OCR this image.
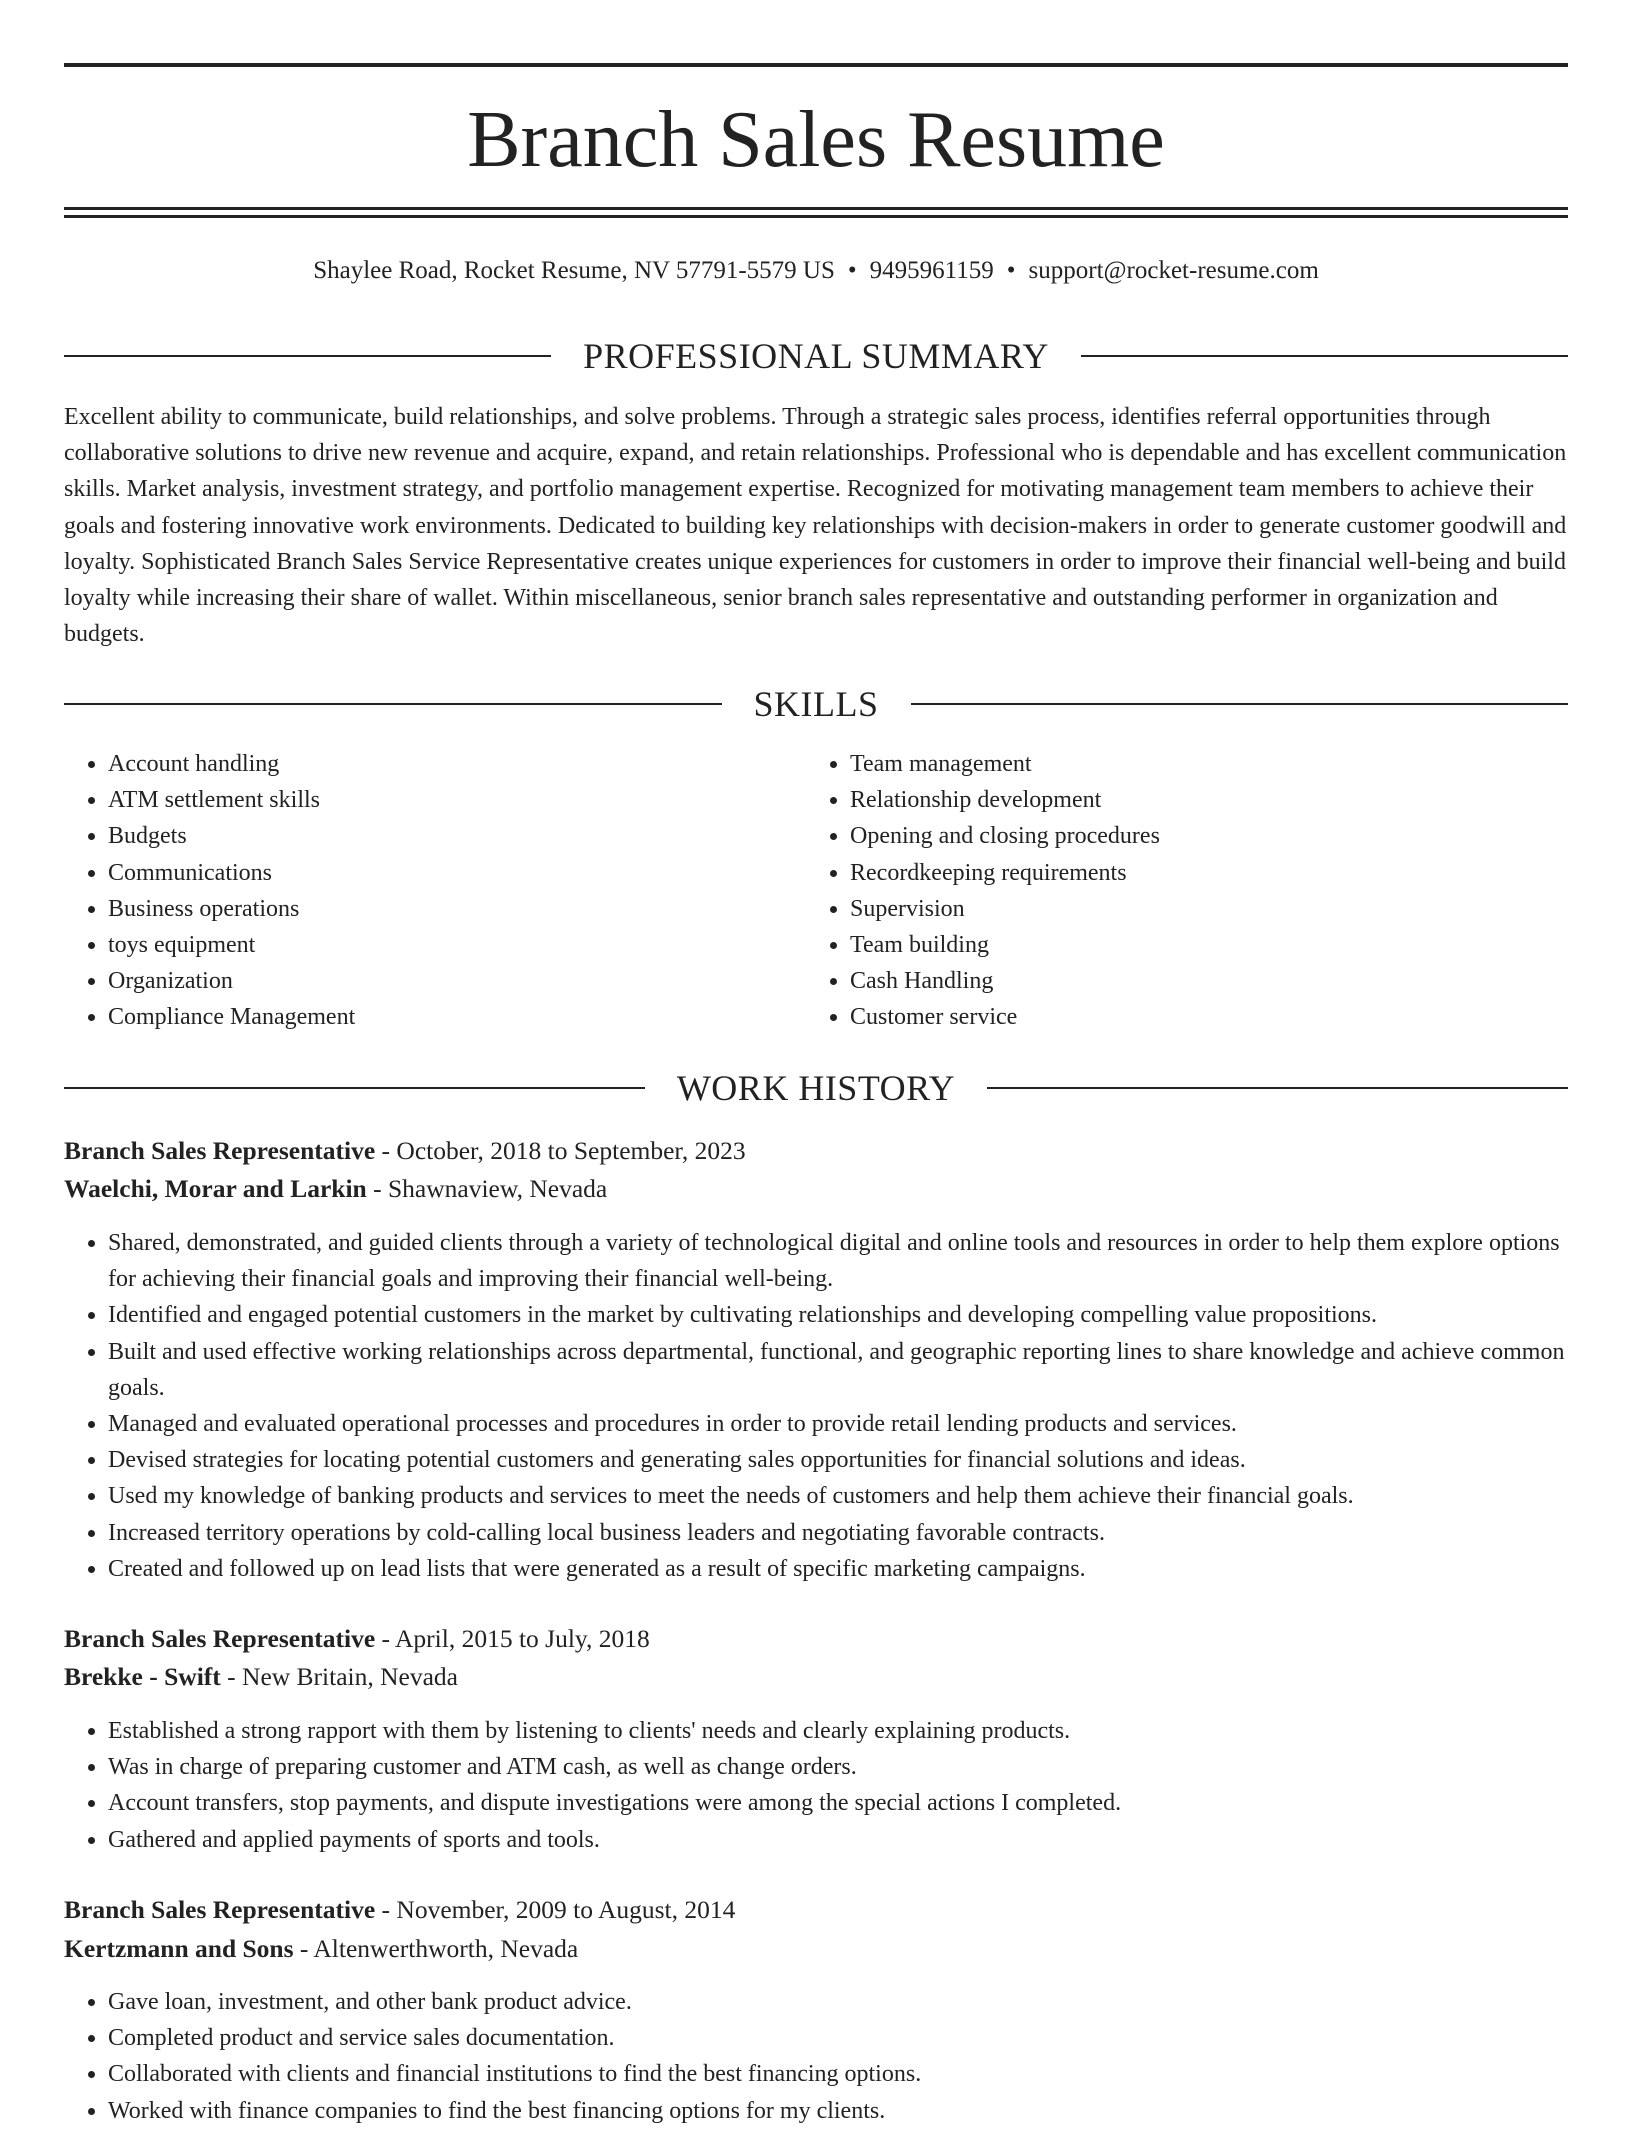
Branch Sales Resume
Shaylee Road, Rocket Resume, NV 57791-5579 US • 9495961159 • support@rocket-resume.com
PROFESSIONAL SUMMARY

Excellent ability to communicate, build relationships, and solve problems. Through a strategic sales process, identifies referral opportunities through collaborative solutions to drive new revenue and acquire, expand, and retain relationships. Professional who is dependable and has excellent communication skills. Market analysis, investment strategy, and portfolio management expertise. Recognized for motivating management team members to achieve their goals and fostering innovative work environments. Dedicated to building key relationships with decision-makers in order to generate customer goodwill and loyalty. Sophisticated Branch Sales Service Representative creates unique experiences for customers in order to improve their financial well-being and build loyalty while increasing their share of wallet. Within miscellaneous, senior branch sales representative and outstanding performer in organization and budgets.

SKILLS
• Account handling
• ATM settlement skills
• Budgets
• Communications
• Business operations
• toys equipment
• Organization
• Compliance Management
• Team management
• Relationship development
• Opening and closing procedures
• Recordkeeping requirements
• Supervision
• Team building
• Cash Handling
• Customer service
WORK HISTORY
Branch Sales Representative - October, 2018 to September, 2023
Waelchi, Morar and Larkin - Shawnaview, Nevada
• Shared, demonstrated, and guided clients through a variety of technological digital and online tools and resources in order to help them explore options for achieving their financial goals and improving their financial well-being.
• Identified and engaged potential customers in the market by cultivating relationships and developing compelling value propositions.
• Built and used effective working relationships across departmental, functional, and geographic reporting lines to share knowledge and achieve common goals.
• Managed and evaluated operational processes and procedures in order to provide retail lending products and services.
• Devised strategies for locating potential customers and generating sales opportunities for financial solutions and ideas.
• Used my knowledge of banking products and services to meet the needs of customers and help them achieve their financial goals.
• Increased territory operations by cold-calling local business leaders and negotiating favorable contracts.
• Created and followed up on lead lists that were generated as a result of specific marketing campaigns.
Branch Sales Representative - April, 2015 to July, 2018
Brekke - Swift - New Britain, Nevada
• Established a strong rapport with them by listening to clients' needs and clearly explaining products.
• Was in charge of preparing customer and ATM cash, as well as change orders.
• Account transfers, stop payments, and dispute investigations were among the special actions I completed.
• Gathered and applied payments of sports and tools.
Branch Sales Representative - November, 2009 to August, 2014
Kertzmann and Sons - Altenwerthworth, Nevada
• Gave loan, investment, and other bank product advice.
• Completed product and service sales documentation.
• Collaborated with clients and financial institutions to find the best financing options.
• Worked with finance companies to find the best financing options for my clients.
